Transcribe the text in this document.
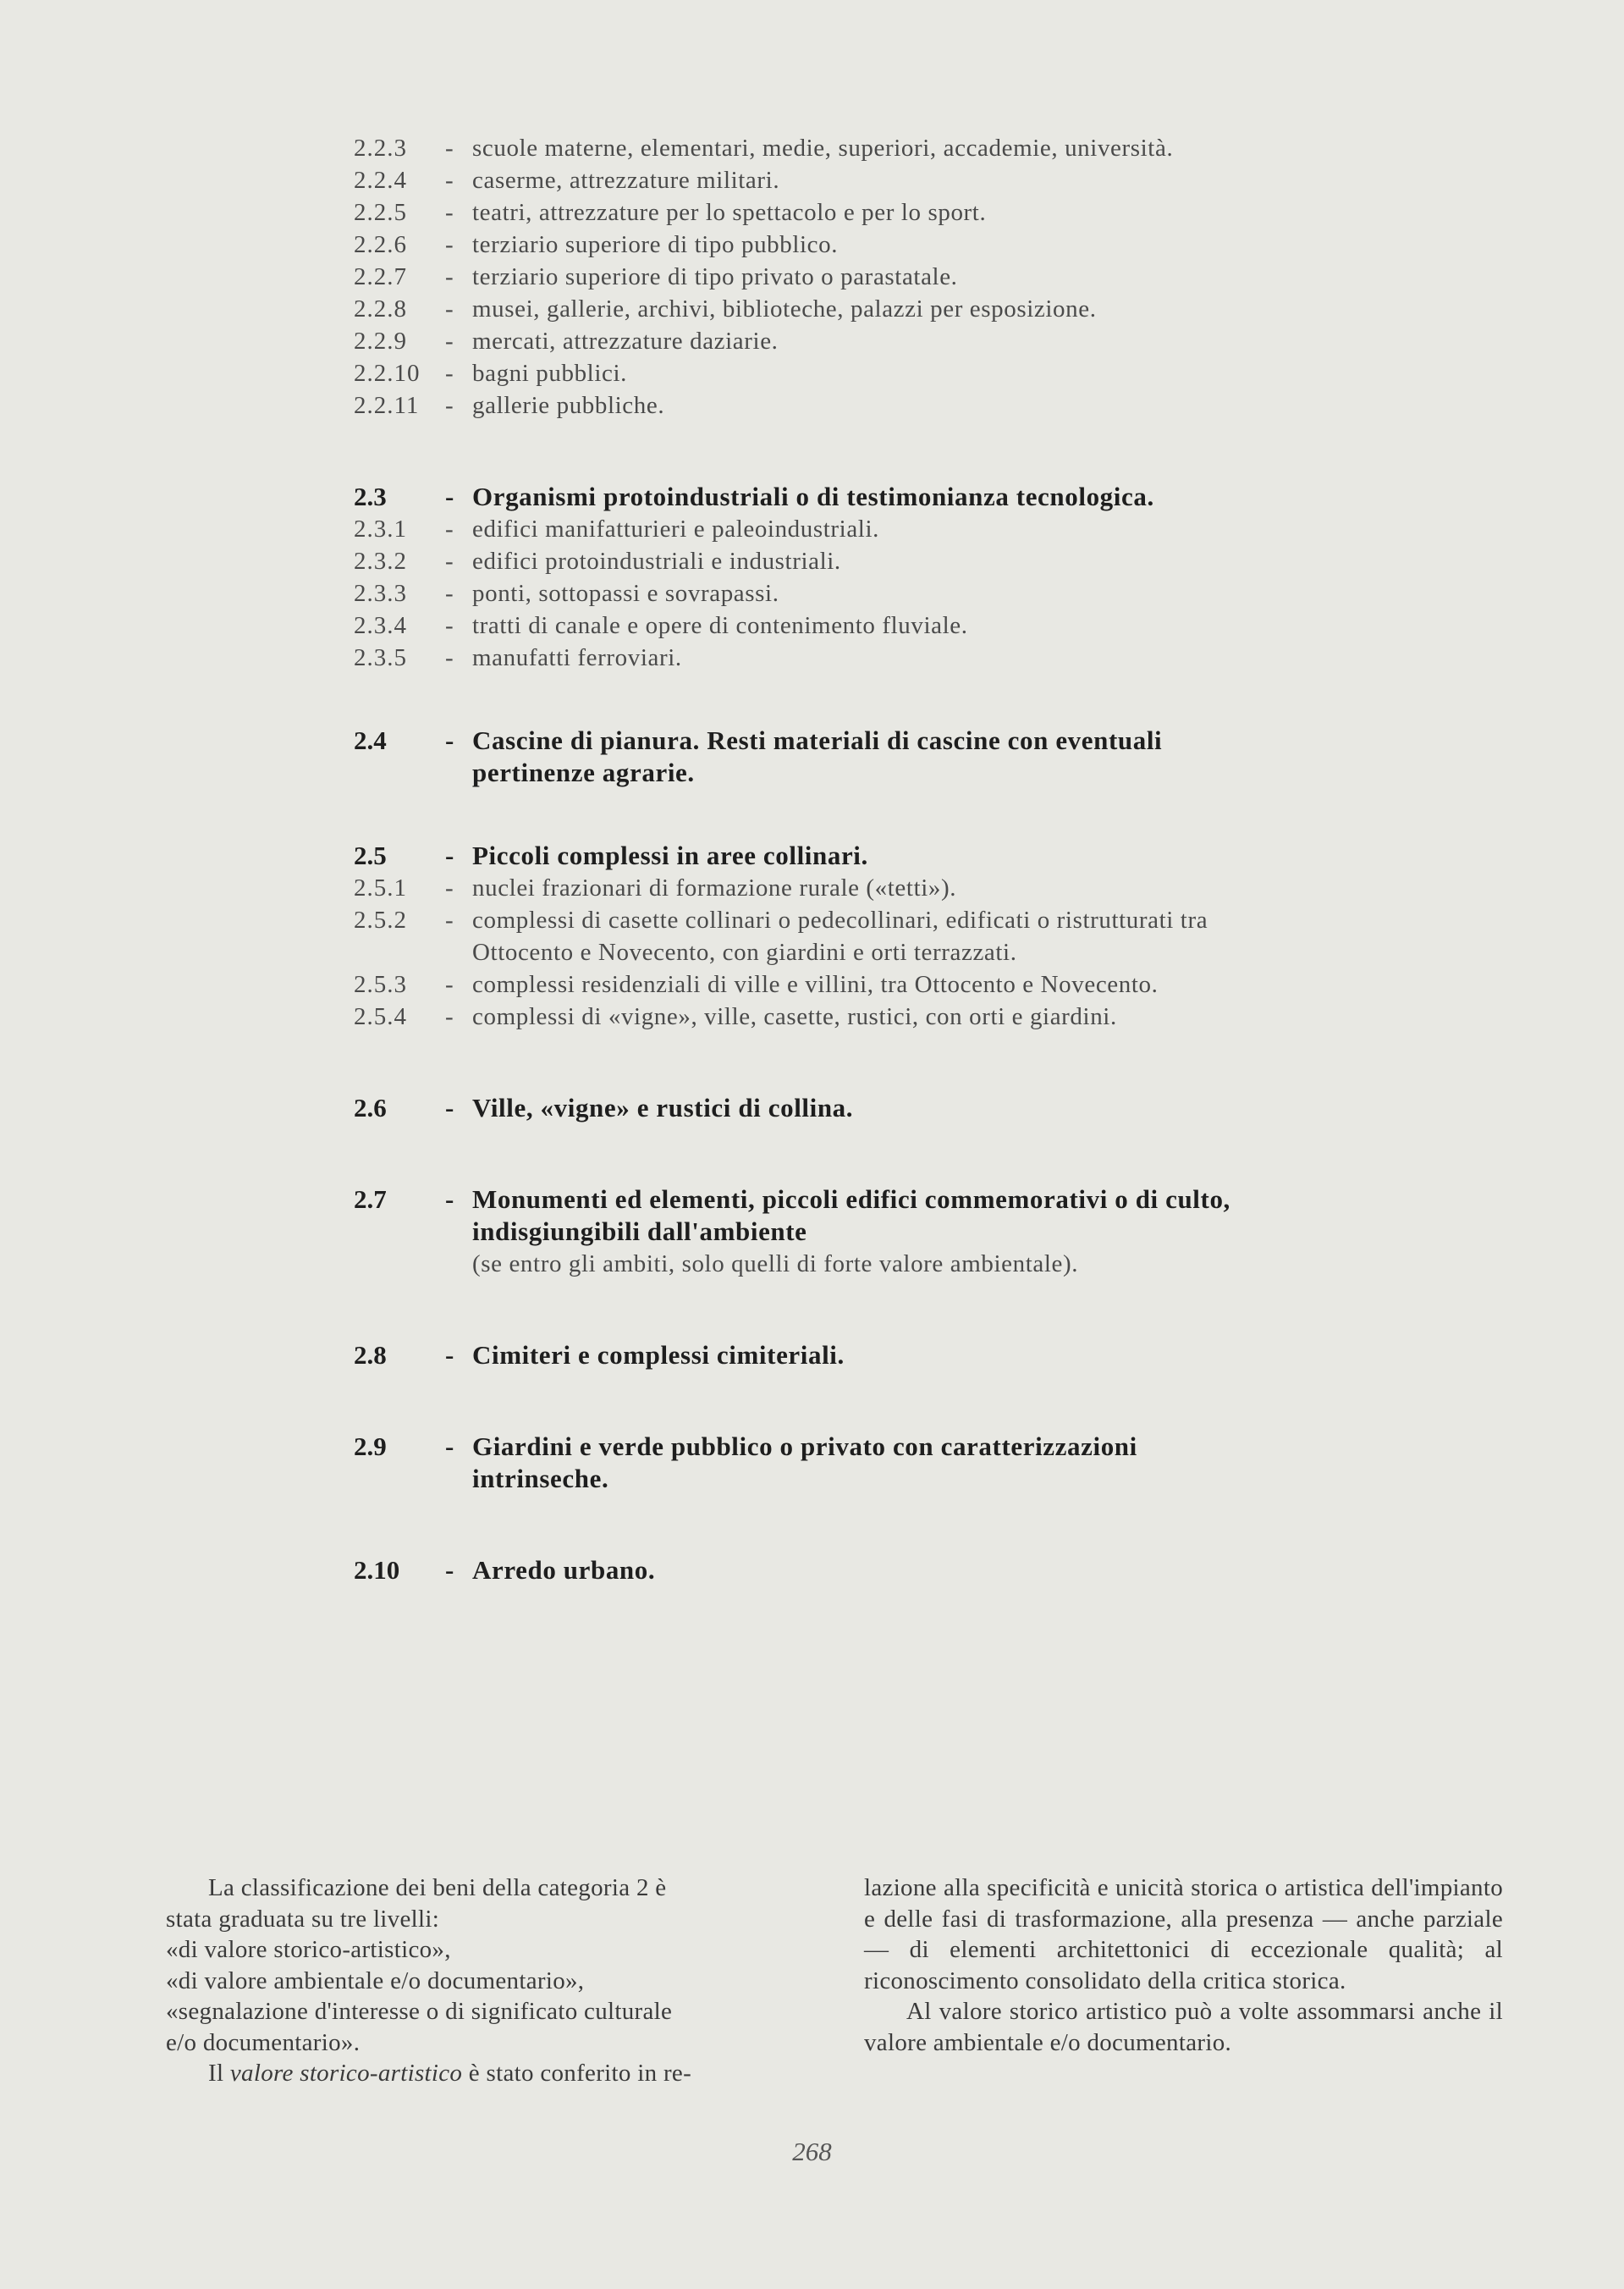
2.2.3	- scuole materne, elementari, medie, superiori, accademie, università.
2.2.4	- caserme, attrezzature militari.
2.2.5	- teatri, attrezzature per lo spettacolo e per lo sport.
2.2.6	- terziario superiore di tipo pubblico.
2.2.7	- terziario superiore di tipo privato o parastatale.
2.2.8	- musei, gallerie, archivi, biblioteche, palazzi per esposizione.
2.2.9	- mercati, attrezzature daziarie.
2.2.10	- bagni pubblici.
2.2.11	- gallerie pubbliche.
2.3	- Organismi protoindustriali o di testimonianza tecnologica.
2.3.1	- edifici manifatturieri e paleoindustriali.
2.3.2	- edifici protoindustriali e industriali.
2.3.3	- ponti, sottopassi e sovrapassi.
2.3.4	- tratti di canale e opere di contenimento fluviale.
2.3.5	- manufatti ferroviari.
2.4	- Cascine di pianura. Resti materiali di cascine con eventuali
pertinenze agrarie.
2.5	- Piccoli complessi in aree collinari.
2.5.1	- nuclei frazionari di formazione rurale («tetti»).
2.5.2	- complessi di casette collinari o pedecollinari, edificati o ristrutturati tra
Ottocento e Novecento, con giardini e orti terrazzati.
2.5.3	- complessi residenziali di ville e villini, tra Ottocento e Novecento.
2.5.4	- complessi di «vigne», ville, casette, rustici, con orti e giardini.
2.6	- Ville, «vigne» e rustici di collina.
2.7	- Monumenti ed elementi, piccoli edifici commemorativi o di culto,
indisgiungibili dall'ambiente
(se entro gli ambiti, solo quelli di forte valore ambientale).
2.8	- Cimiteri e complessi cimiteriali.
2.9	- Giardini e verde pubblico o privato con caratterizzazioni
intrinseche.
2.10	- Arredo urbano.

La classificazione dei beni della categoria 2 è

stata graduata su tre livelli:

«di valore storico-artistico»,

«di valore ambientale e/o documentario»,

«segnalazione d'interesse o di significato culturale

e/o documentario».

Il valore storico-artistico è stato conferito in re-

lazione alla specificità e unicità storica o artistica dell'impianto e delle fasi di trasformazione, alla presenza — anche parziale — di elementi architettonici di eccezionale qualità; al riconoscimento consolidato della critica storica.

Al valore storico artistico può a volte assommarsi anche il valore ambientale e/o documentario.

268
